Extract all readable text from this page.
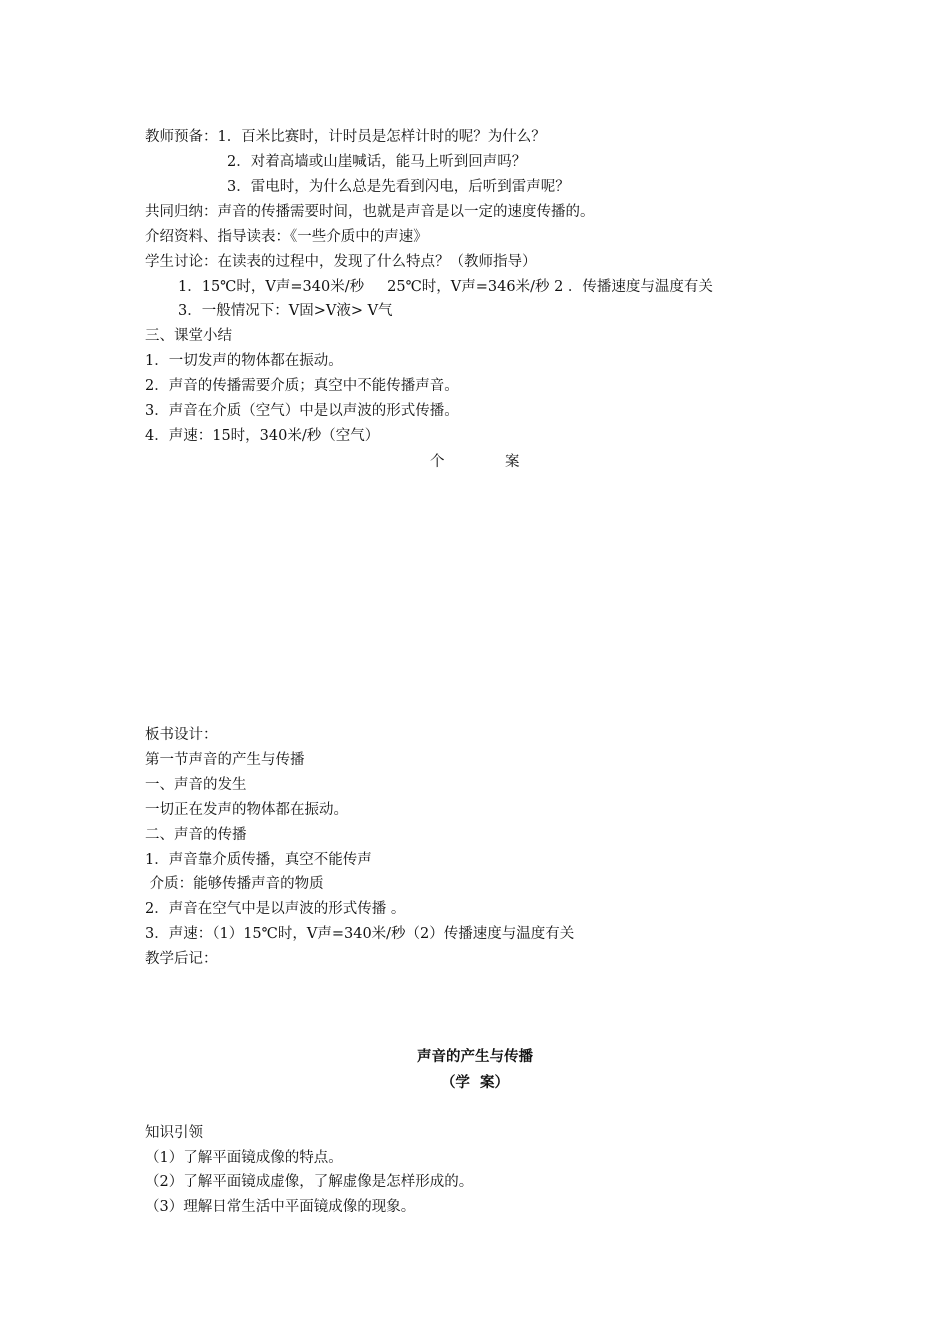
教师预备：1．百米比赛时，计时员是怎样计时的呢？为什么？
2．对着高墙或山崖喊话，能马上听到回声吗？
3．雷电时，为什么总是先看到闪电，后听到雷声呢？
共同归纳：声音的传播需要时间，也就是声音是以一定的速度传播的。
介绍资料、指导读表：《一些介质中的声速》
学生讨论：在读表的过程中，发现了什么特点？（教师指导）
1．15℃时，V声=340米/秒     25℃时，V声=346米/秒 2 ．传播速度与温度有关
3．一般情况下：V固>V液> V气
三、课堂小结
1．一切发声的物体都在振动。
2．声音的传播需要介质；真空中不能传播声音。
3．声音在介质（空气）中是以声波的形式传播。
4．声速：15时，340米/秒（空气）
个	案
板书设计：
第一节声音的产生与传播
一、声音的发生
一切正在发声的物体都在振动。
二、声音的传播
1．声音靠介质传播，真空不能传声
介质：能够传播声音的物质
2．声音在空气中是以声波的形式传播 。
3．声速：（1）15℃时，V声=340米/秒（2）传播速度与温度有关
教学后记：
声音的产生与传播
（学  案）
知识引领
（1）了解平面镜成像的特点。
（2）了解平面镜成虚像，了解虚像是怎样形成的。
（3）理解日常生活中平面镜成像的现象。
